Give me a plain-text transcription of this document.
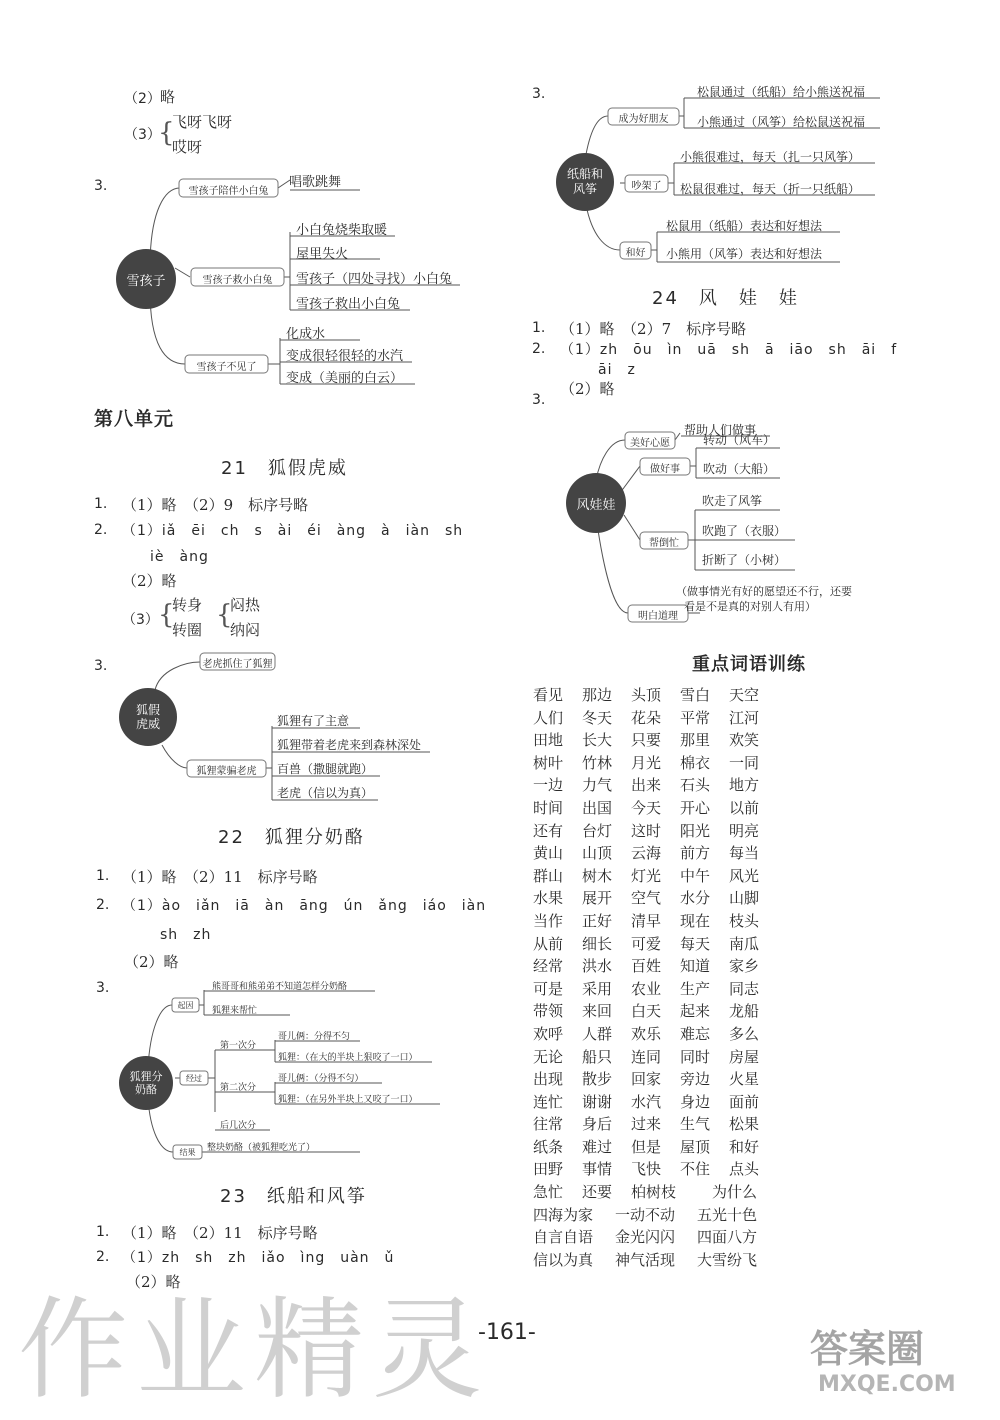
（2） 略
（3）
{
飞呀飞呀
哎呀
3.
雪孩子
雪孩子陪伴小白兔
唱歌跳舞
雪孩子救小白兔
小白兔烧柴取暖
屋里失火
雪孩子（四处寻找）小白兔
雪孩子救出小白兔
雪孩子不见了
化成水
变成很轻很轻的水汽
变成（美丽的白云）
第八单元
21　狐假虎威
1. （1）略　（2）9　标序号略
2. （1）iǎ　ēi　ch　s　ài　éi　àng　à　iàn　sh
iè　àng
（2）略
（3） {
转身
转圈 {
闷热
纳闷
3.
狐假
虎威
老虎抓住了狐狸
狐狸蒙骗老虎
狐狸有了主意
狐狸带着老虎来到森林深处
百兽（撒腿就跑）
老虎（信以为真）
22　狐狸分奶酪
1. （1）略　（2）11　标序号略
2. （1）ào　iǎn　iā　àn　āng　ún　ǎng　iáo　iàn
sh　zh
（2）略
3.
狐狸分
奶酪
起因
熊哥哥和熊弟弟不知道怎样分奶酪
狐狸来帮忙
经过
第一次分
哥儿俩：分得不匀
狐狸：（在大的半块上狠咬了一口）
第二次分
哥儿俩：（分得不匀）
狐狸：（在另外半块上又咬了一口）
后几次分
结果	整块奶酪（被狐狸吃光了）
23　纸船和风筝
1. （1）略　（2）11　标序号略
2. （1）zh　sh　zh　iǎo　ìng　uàn　ǔ
（2）略
3.
纸船和
风筝
成为好朋友
松鼠通过（纸船）给小熊送祝福
小熊通过（风筝）给松鼠送祝福
吵架了
小熊很难过，每天（扎一只风筝）
松鼠很难过，每天（折一只纸船）
和好
松鼠用（纸船）表达和好想法
小熊用（风筝）表达和好想法
24　风　娃　娃
1. （1）略　（2）7　标序号略
2. （1）zh　ōu　ìn　uā　sh　ā　iāo　sh　āi　f
āi　z
（2）略
3.
风娃娃
美好心愿
帮助人们做事
做好事
转动（风车）
吹动（大船）
帮倒忙
吹走了风筝
吹跑了（衣服）
折断了（小树）
明白道理
（做事情光有好的愿望还不行，还要
看是不是真的对别人有用）
重点词语训练
看见 那边 头顶 雪白 天空
人们 冬天 花朵 平常 江河
田地 长大 只要 那里 欢笑
树叶 竹林 月光 棉衣 一同
一边 力气 出来 石头 地方
时间 出国 今天 开心 以前
还有 台灯 这时 阳光 明亮
黄山 山顶 云海 前方 每当
群山 树木 灯光 中午 风光
水果 展开 空气 水分 山脚
当作 正好 清早 现在 枝头
从前 细长 可爱 每天 南瓜
经常 洪水 百姓 知道 家乡
可是 采用 农业 生产 同志
带领 来回 白天 起来 龙船
欢呼 人群 欢乐 难忘 多么
无论 船只 连同 同时 房屋
出现 散步 回家 旁边 火星
连忙 谢谢 水汽 身边 面前
往常 身后 过来 生气 松果
纸条 难过 但是 屋顶 和好
田野 事情 飞快 不住 点头
急忙 还要 柏树枝 为什么
四海为家 一动不动 五光十色
自言自语 金光闪闪 四面八方
信以为真 神气活现 大雪纷飞
-161-
作业精灵	答案圈
MXQE.COM
